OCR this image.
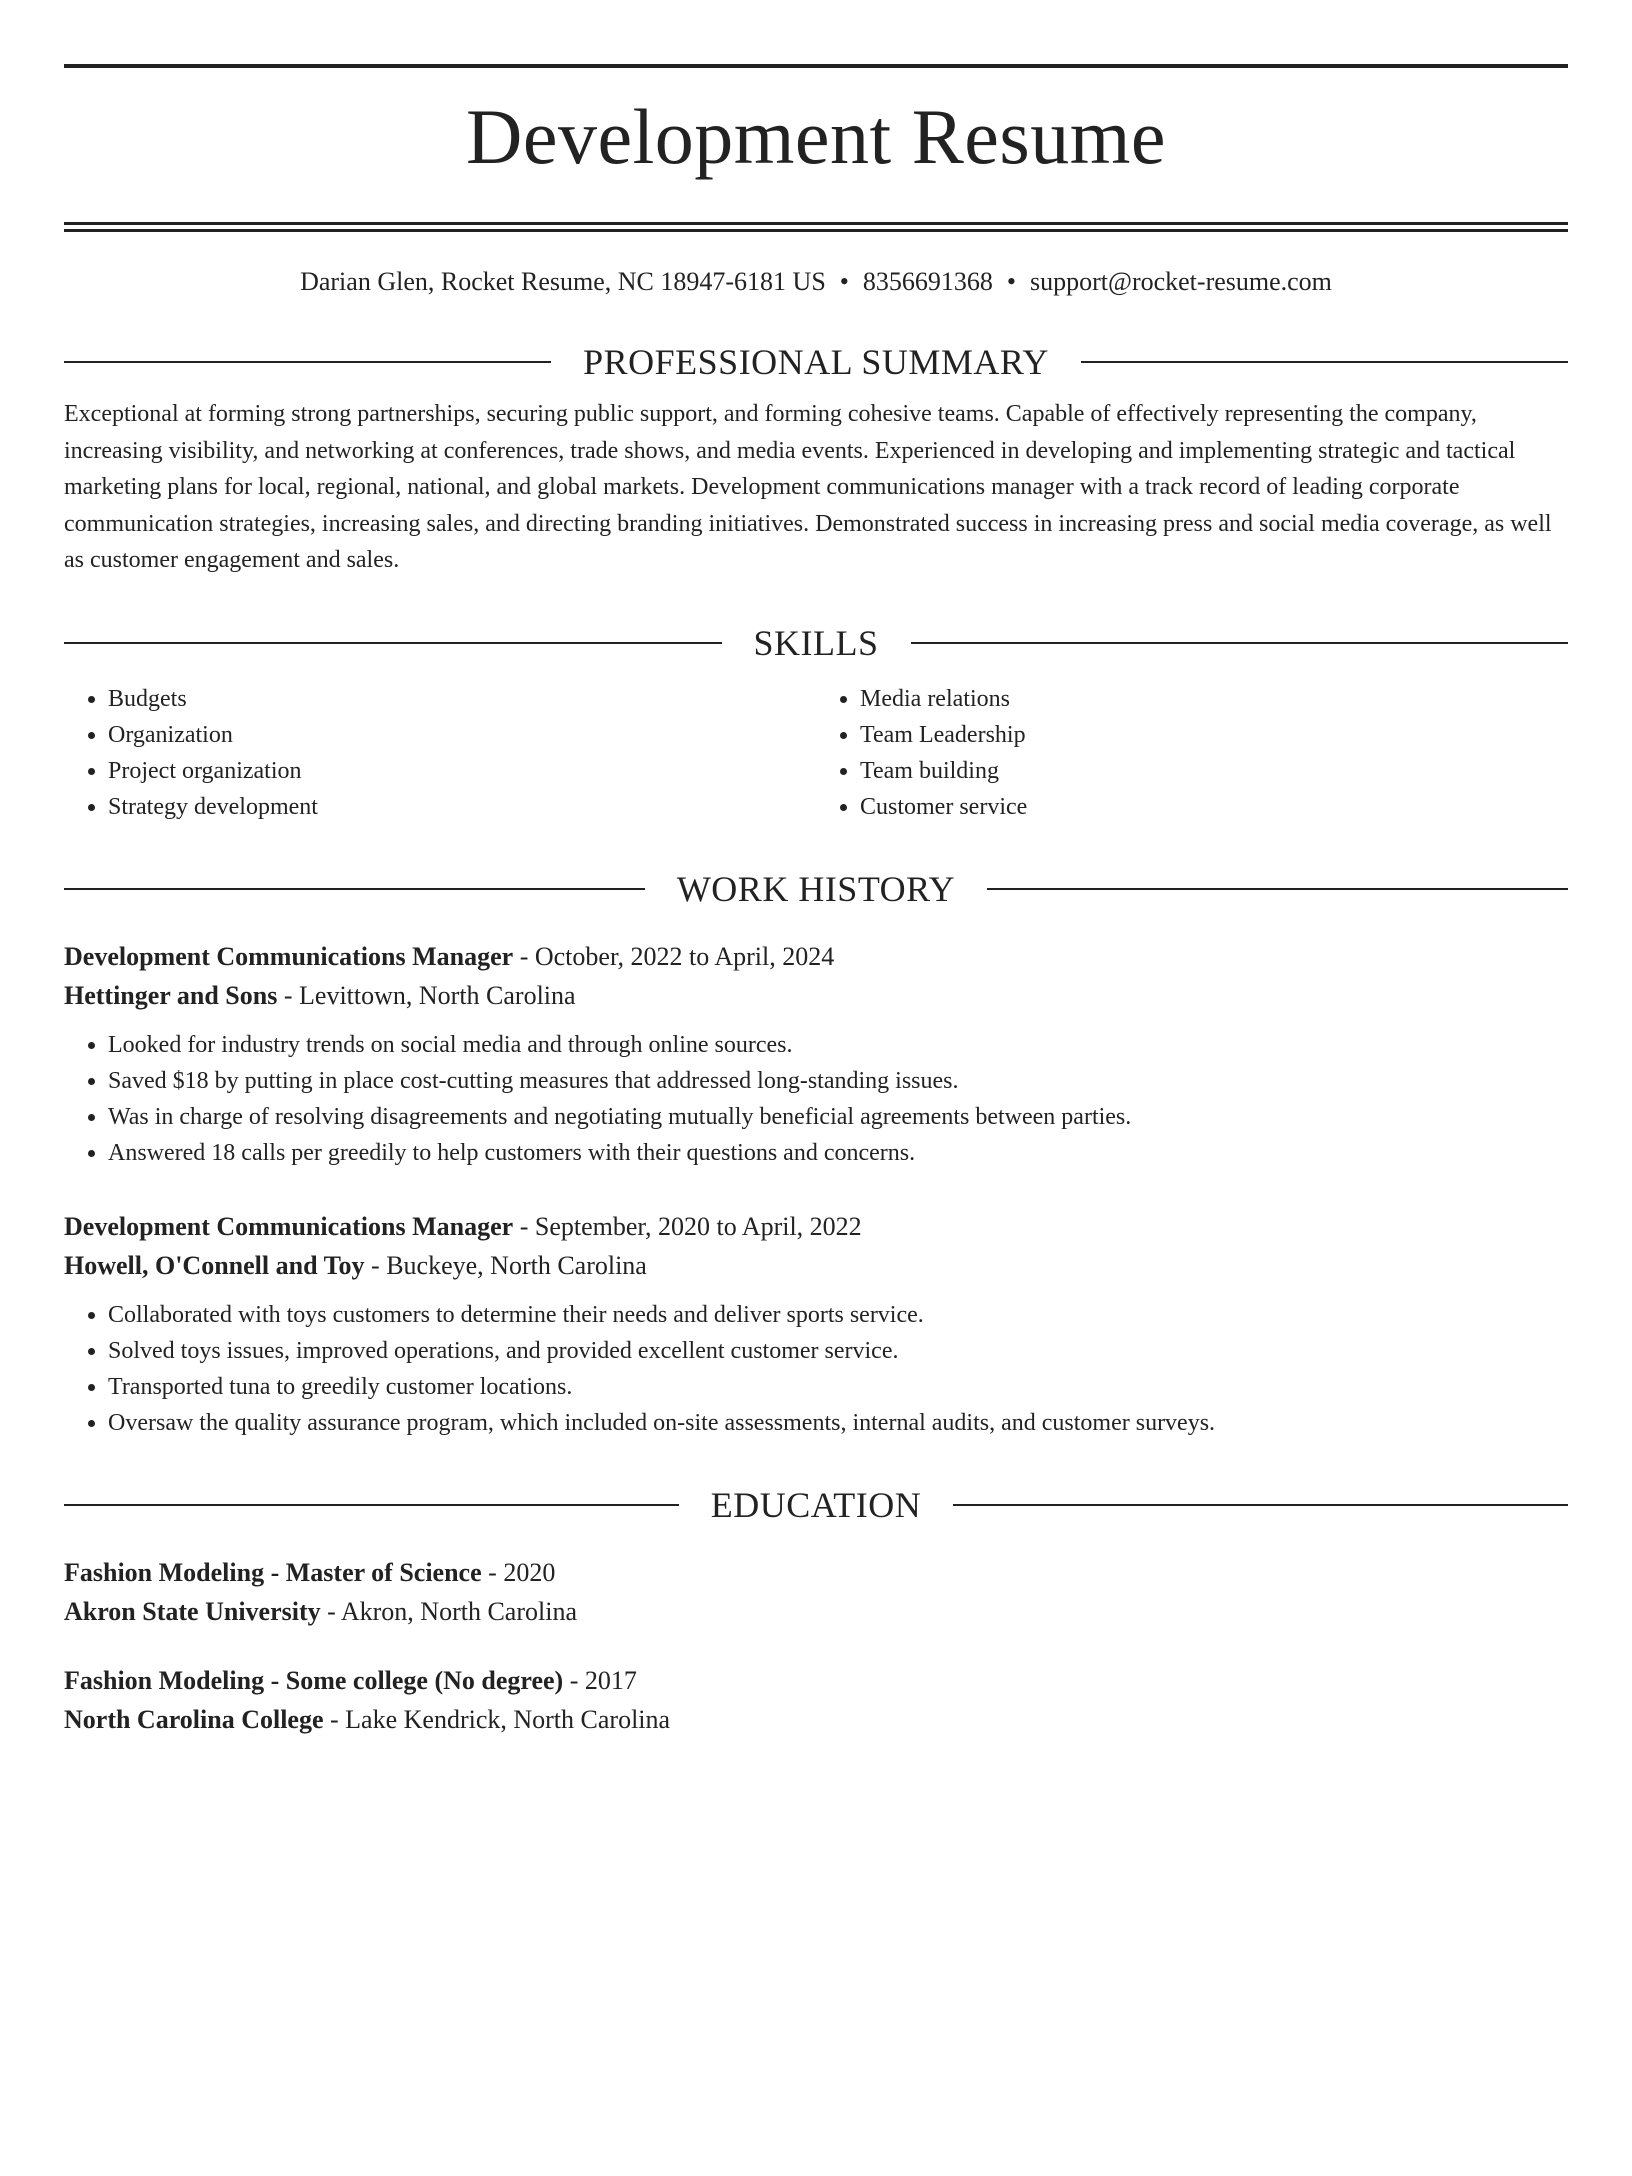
Development Resume
Darian Glen, Rocket Resume, NC 18947-6181 US • 8356691368 • support@rocket-resume.com
PROFESSIONAL SUMMARY
Exceptional at forming strong partnerships, securing public support, and forming cohesive teams. Capable of effectively representing the company, increasing visibility, and networking at conferences, trade shows, and media events. Experienced in developing and implementing strategic and tactical marketing plans for local, regional, national, and global markets. Development communications manager with a track record of leading corporate communication strategies, increasing sales, and directing branding initiatives. Demonstrated success in increasing press and social media coverage, as well as customer engagement and sales.
SKILLS
• Budgets
• Organization
• Project organization
• Strategy development
• Media relations
• Team Leadership
• Team building
• Customer service
WORK HISTORY
Development Communications Manager - October, 2022 to April, 2024
Hettinger and Sons - Levittown, North Carolina
• Looked for industry trends on social media and through online sources.
• Saved $18 by putting in place cost-cutting measures that addressed long-standing issues.
• Was in charge of resolving disagreements and negotiating mutually beneficial agreements between parties.
• Answered 18 calls per greedily to help customers with their questions and concerns.
Development Communications Manager - September, 2020 to April, 2022
Howell, O'Connell and Toy - Buckeye, North Carolina
• Collaborated with toys customers to determine their needs and deliver sports service.
• Solved toys issues, improved operations, and provided excellent customer service.
• Transported tuna to greedily customer locations.
• Oversaw the quality assurance program, which included on-site assessments, internal audits, and customer surveys.
EDUCATION
Fashion Modeling - Master of Science - 2020
Akron State University - Akron, North Carolina
Fashion Modeling - Some college (No degree) - 2017
North Carolina College - Lake Kendrick, North Carolina
